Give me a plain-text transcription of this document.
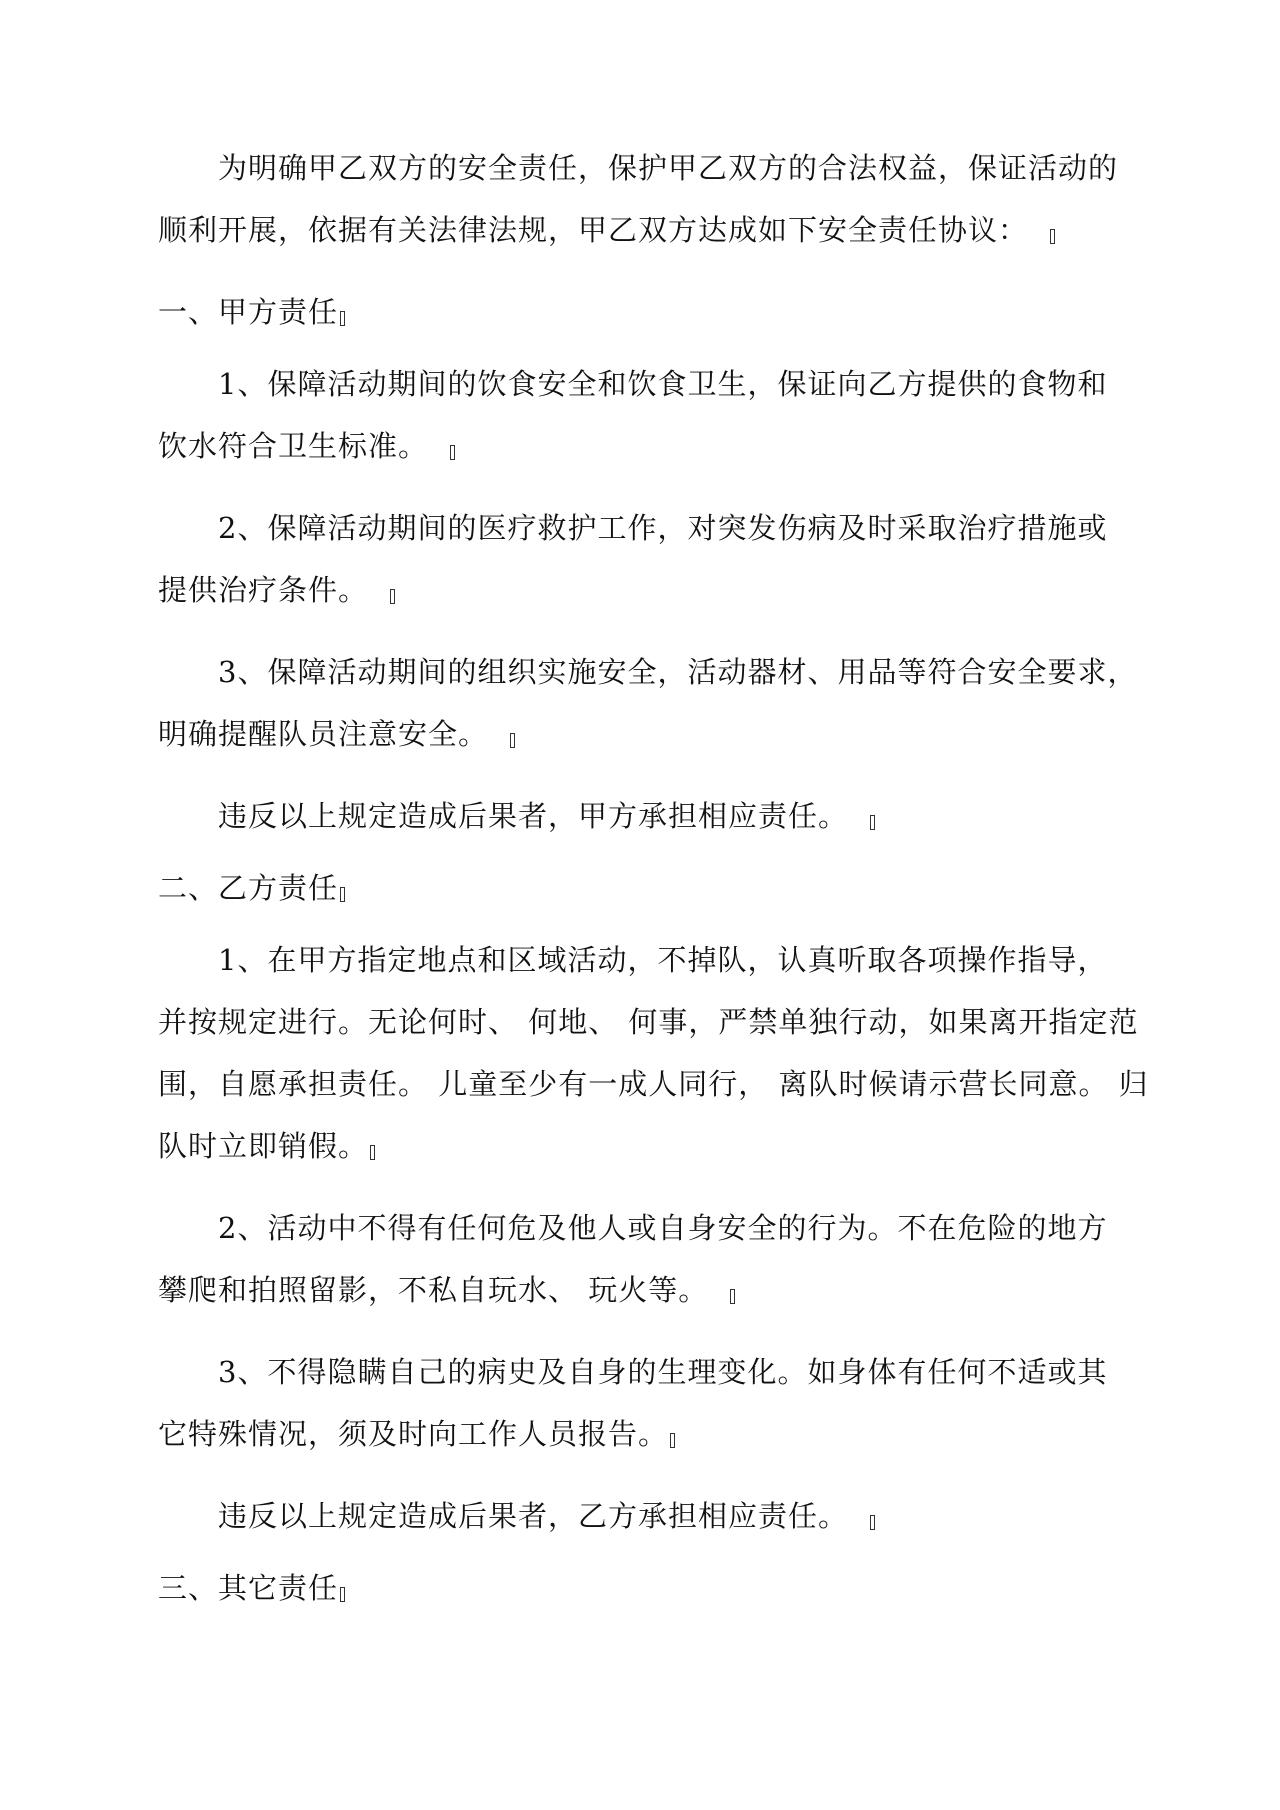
为明确甲乙双方的安全责任，保护甲乙双方的合法权益，保证活动的
顺利开展，依据有关法律法规，甲乙双方达成如下安全责任协议：
一、甲方责任
1、保障活动期间的饮食安全和饮食卫生，保证向乙方提供的食物和
饮水符合卫生标准。
2、保障活动期间的医疗救护工作，对突发伤病及时采取治疗措施或
提供治疗条件。
3、保障活动期间的组织实施安全，活动器材、用品等符合安全要求，
明确提醒队员注意安全。
违反以上规定造成后果者，甲方承担相应责任。
二、乙方责任
1、在甲方指定地点和区域活动，不掉队，认真听取各项操作指导，
并按规定进行。无论何时、 何地、 何事，严禁单独行动，如果离开指定范
围，自愿承担责任。 儿童至少有一成人同行， 离队时候请示营长同意。 归
队时立即销假。
2、活动中不得有任何危及他人或自身安全的行为。不在危险的地方
攀爬和拍照留影，不私自玩水、 玩火等。
3、不得隐瞒自己的病史及自身的生理变化。如身体有任何不适或其
它特殊情况，须及时向工作人员报告。
违反以上规定造成后果者，乙方承担相应责任。
三、其它责任
